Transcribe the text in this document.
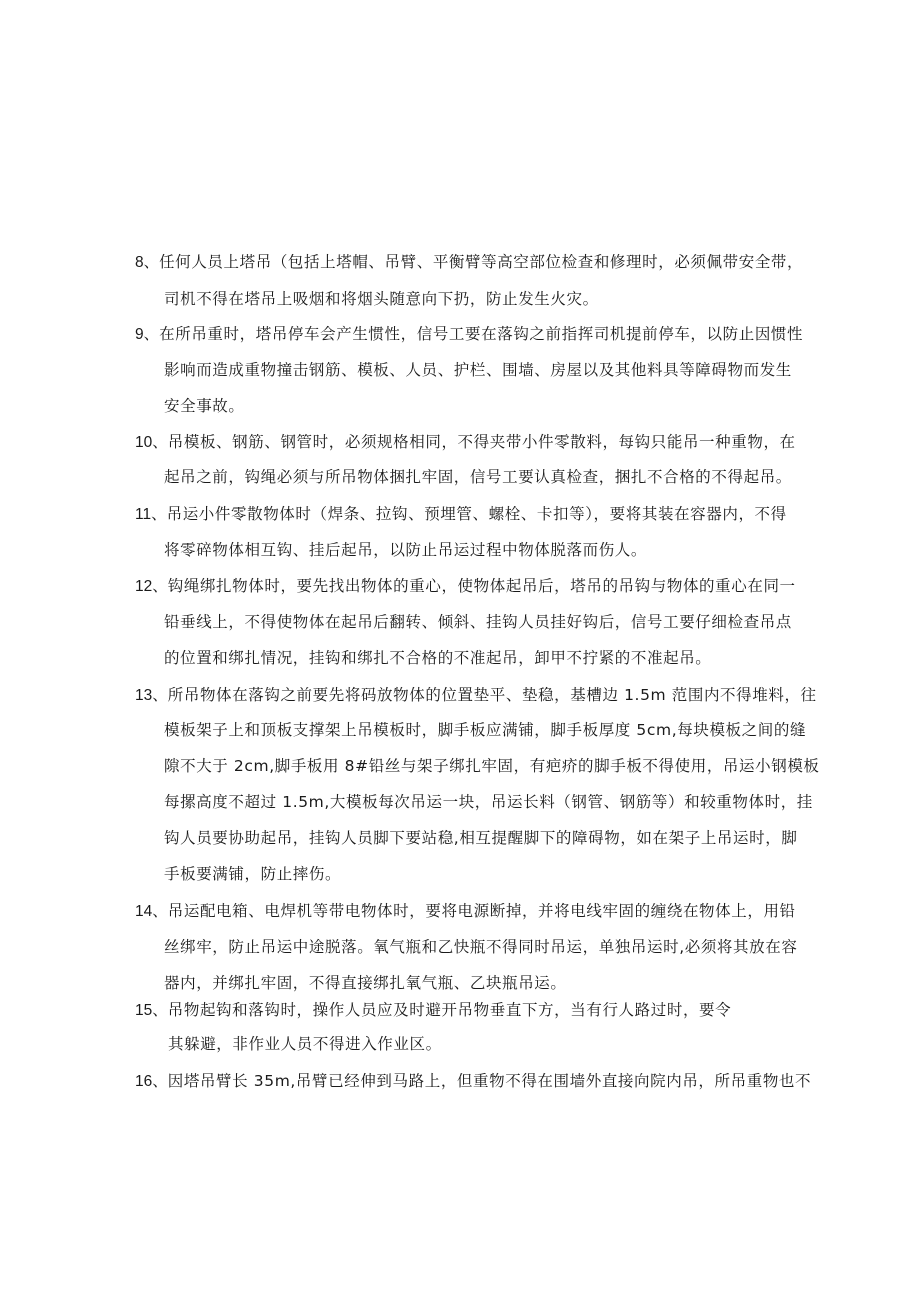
8、任何人员上塔吊（包括上塔帽、吊臂、平衡臂等高空部位检查和修理时，必须佩带安全带，
司机不得在塔吊上吸烟和将烟头随意向下扔，防止发生火灾。
9、在所吊重时，塔吊停车会产生惯性，信号工要在落钩之前指挥司机提前停车，以防止因惯性
影响而造成重物撞击钢筋、模板、人员、护栏、围墙、房屋以及其他料具等障碍物而发生
安全事故。
10、吊模板、钢筋、钢管时，必须规格相同，不得夹带小件零散料，每钩只能吊一种重物，在
起吊之前，钩绳必须与所吊物体捆扎牢固，信号工要认真检查，捆扎不合格的不得起吊。
11、吊运小件零散物体时（焊条、拉钩、预埋管、螺栓、卡扣等），要将其装在容器内，不得
将零碎物体相互钩、挂后起吊，以防止吊运过程中物体脱落而伤人。
12、钩绳绑扎物体时，要先找出物体的重心，使物体起吊后，塔吊的吊钩与物体的重心在同一
铅垂线上，不得使物体在起吊后翻转、倾斜、挂钩人员挂好钩后，信号工要仔细检查吊点
的位置和绑扎情况，挂钩和绑扎不合格的不准起吊，卸甲不拧紧的不准起吊。
13、所吊物体在落钩之前要先将码放物体的位置垫平、垫稳，基槽边 1.5m 范围内不得堆料，往
模板架子上和顶板支撑架上吊模板时，脚手板应满铺，脚手板厚度 5cm,每块模板之间的缝
隙不大于 2cm,脚手板用 8#铅丝与架子绑扎牢固，有疤疥的脚手板不得使用，吊运小钢模板
每摞高度不超过 1.5m,大模板每次吊运一块，吊运长料（钢管、钢筋等）和较重物体时，挂
钩人员要协助起吊，挂钩人员脚下要站稳,相互提醒脚下的障碍物，如在架子上吊运时，脚
手板要满铺，防止摔伤。
14、吊运配电箱、电焊机等带电物体时，要将电源断掉，并将电线牢固的缠绕在物体上，用铅
丝绑牢，防止吊运中途脱落。氧气瓶和乙快瓶不得同时吊运，单独吊运时,必须将其放在容
器内，并绑扎牢固，不得直接绑扎氧气瓶、乙块瓶吊运。
15、吊物起钩和落钩时，操作人员应及时避开吊物垂直下方，当有行人路过时，要令
其躲避，非作业人员不得进入作业区。
16、因塔吊臂长 35m,吊臂已经伸到马路上，但重物不得在围墙外直接向院内吊，所吊重物也不
